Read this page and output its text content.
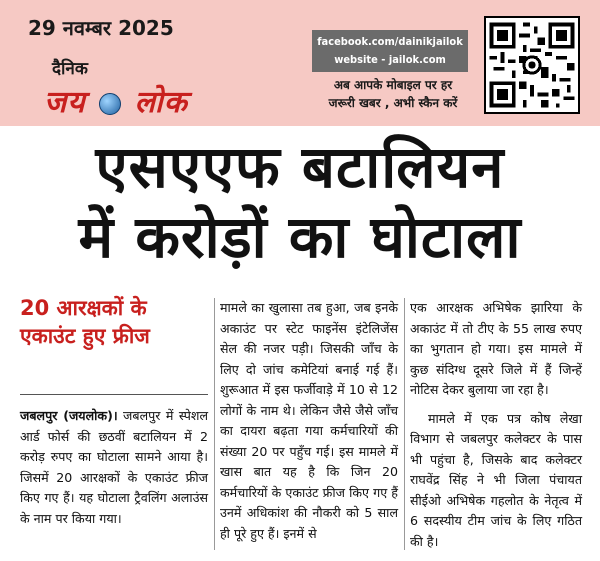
29 नवम्बर 2025
दैनिक
जय लोक
facebook.com/dainikjailok
website - jailok.com
अब आपके मोबाइल पर हर
जरूरी खबर , अभी स्कैन करें
एसएएफ बटालियन
में करोड़ों का घोटाला
20 आरक्षकों के एकाउंट हुए फ्रीज
जबलपुर (जयलोक)। जबलपुर में स्पेशल आर्ड फोर्स की छठवीं बटालियन में 2 करोड़ रुपए का घोटाला सामने आया है। जिसमें 20 आरक्षकों के एकाउंट फ्रीज किए गए हैं। यह घोटाला ट्रैवलिंग अलाउंस के नाम पर किया गया।
मामले का खुलासा तब हुआ, जब इनके अकाउंट पर स्टेट फाइनेंस इंटेलिजेंस सेल की नजर पड़ी। जिसकी जाँच के लिए दो जांच कमेटियां बनाई गई हैं। शुरूआत में इस फर्जीवाड़े में 10 से 12 लोगों के नाम थे। लेकिन जैसे जैसे जाँच का दायरा बढ़ता गया कर्मचारियों की संख्या 20 पर पहुँच गई। इस मामले में खास बात यह है कि जिन 20 कर्मचारियों के एकाउंट फ्रीज किए गए हैं उनमें अधिकांश की नौकरी को 5 साल ही पूरे हुए हैं। इनमें से
एक आरक्षक अभिषेक झारिया के अकाउंट में तो टीए के 55 लाख रुपए का भुगतान हो गया। इस मामले में कुछ संदिग्ध दूसरे जिले में हैं जिन्हें नोटिस देकर बुलाया जा रहा है।
मामले में एक पत्र कोष लेखा विभाग से जबलपुर कलेक्टर के पास भी पहुंचा है, जिसके बाद कलेक्टर राघवेंद्र सिंह ने भी जिला पंचायत सीईओ अभिषेक गहलोत के नेतृत्व में 6 सदस्यीय टीम जांच के लिए गठित की है।
